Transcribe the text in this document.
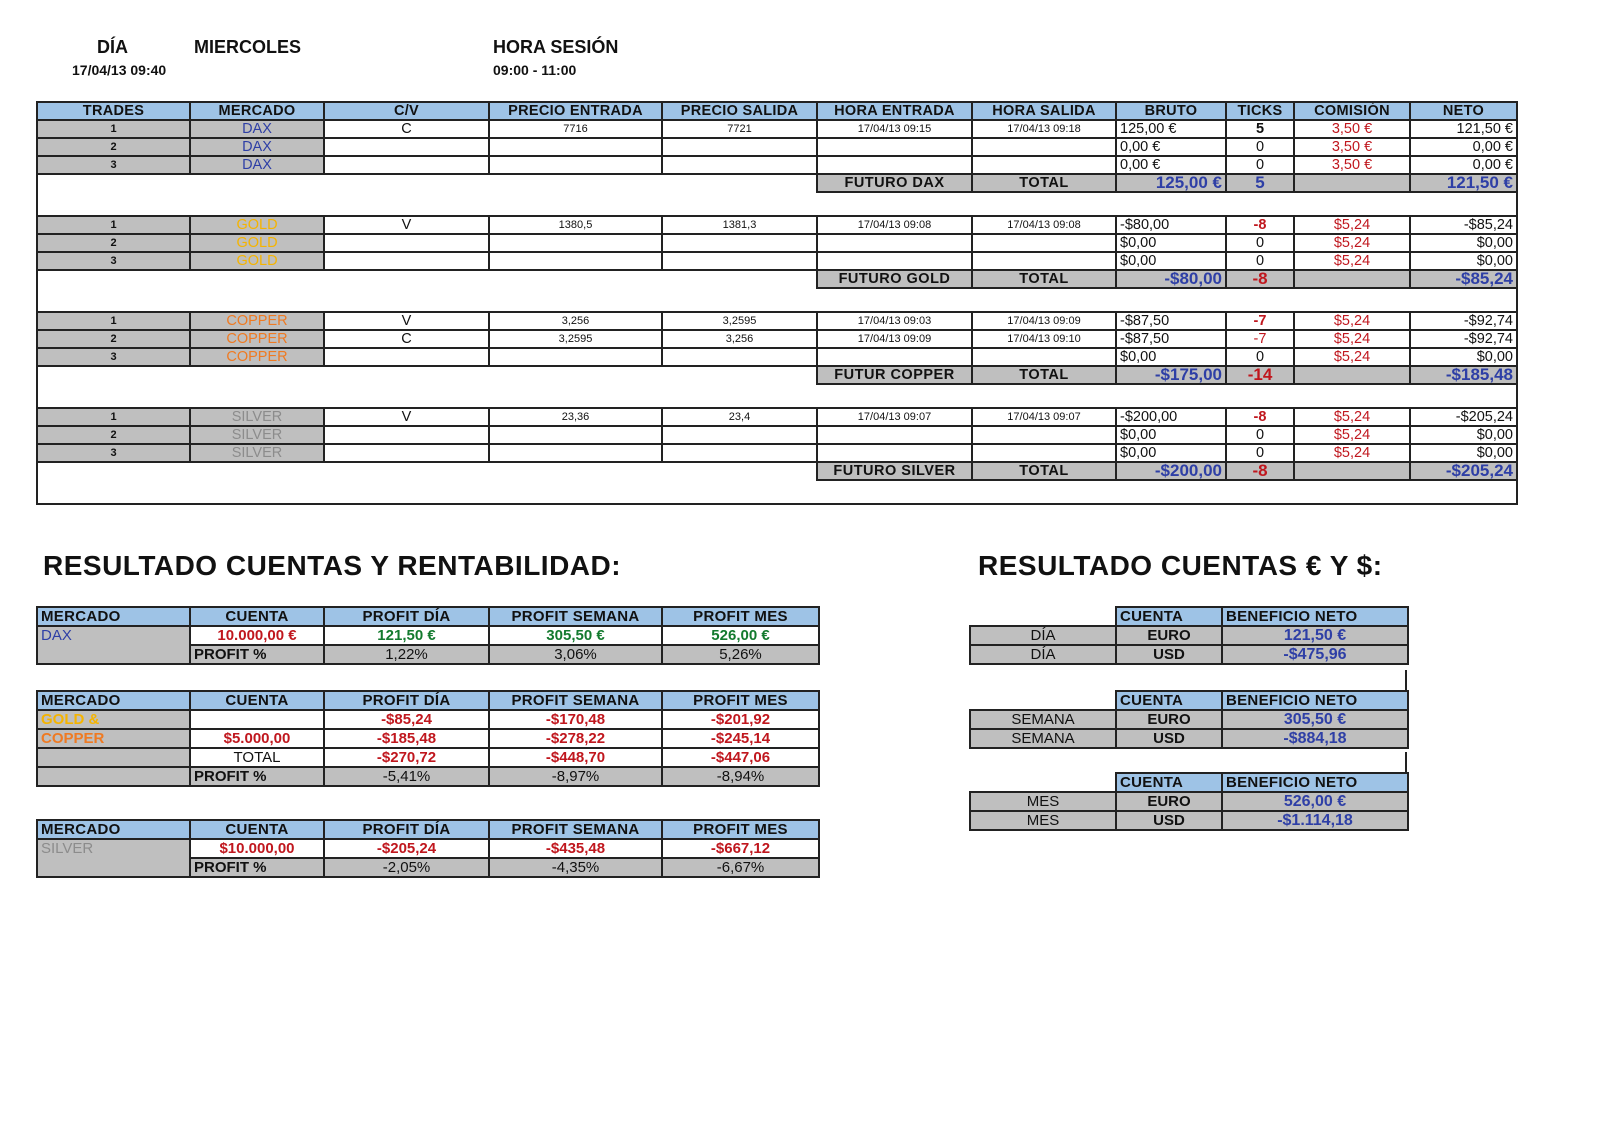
DÍA	MIERCOLES
17/04/13 09:40
HORA SESIÓN
09:00 - 11:00
TRADES	MERCADO	C/V	PRECIO ENTRADA	PRECIO SALIDA	HORA ENTRADA	HORA SALIDA	BRUTO	TICKS	COMISIÓN	NETO
1	DAX	C	7716	7721	17/04/13 09:15	17/04/13 09:18	125,00 €	5	3,50 €	121,50 €
2	DAX						0,00 €	0	3,50 €	0,00 €
3	DAX						0,00 €	0	3,50 €	0,00 €
					FUTURO DAX	TOTAL	125,00 €	5		121,50 €

1	GOLD	V	1380,5	1381,3	17/04/13 09:08	17/04/13 09:08	-$80,00	-8	$5,24	-$85,24
2	GOLD						$0,00	0	$5,24	$0,00
3	GOLD						$0,00	0	$5,24	$0,00
					FUTURO GOLD	TOTAL	-$80,00	-8		-$85,24

1	COPPER	V	3,256	3,2595	17/04/13 09:03	17/04/13 09:09	-$87,50	-7	$5,24	-$92,74
2	COPPER	C	3,2595	3,256	17/04/13 09:09	17/04/13 09:10	-$87,50	-7	$5,24	-$92,74
3	COPPER						$0,00	0	$5,24	$0,00
					FUTUR COPPER	TOTAL	-$175,00	-14		-$185,48

1	SILVER	V	23,36	23,4	17/04/13 09:07	17/04/13 09:07	-$200,00	-8	$5,24	-$205,24
2	SILVER						$0,00	0	$5,24	$0,00
3	SILVER						$0,00	0	$5,24	$0,00
					FUTURO SILVER	TOTAL	-$200,00	-8		-$205,24

RESULTADO CUENTAS Y RENTABILIDAD:	RESULTADO CUENTAS € Y $:
MERCADO	CUENTA	PROFIT DÍA	PROFIT SEMANA	PROFIT MES
DAX	10.000,00 €	121,50 €	305,50 €	526,00 €
	PROFIT %	1,22%	3,06%	5,26%
MERCADO	CUENTA	PROFIT DÍA	PROFIT SEMANA	PROFIT MES
GOLD &		-$85,24	-$170,48	-$201,92
COPPER	$5.000,00	-$185,48	-$278,22	-$245,14
	TOTAL	-$270,72	-$448,70	-$447,06
	PROFIT %	-5,41%	-8,97%	-8,94%
MERCADO	CUENTA	PROFIT DÍA	PROFIT SEMANA	PROFIT MES
SILVER	$10.000,00	-$205,24	-$435,48	-$667,12
	PROFIT %	-2,05%	-4,35%	-6,67%
	CUENTA	BENEFICIO NETO
DÍA	EURO	121,50 €
DÍA	USD	-$475,96
	CUENTA	BENEFICIO NETO
SEMANA	EURO	305,50 €
SEMANA	USD	-$884,18
	CUENTA	BENEFICIO NETO
MES	EURO	526,00 €
MES	USD	-$1.114,18
